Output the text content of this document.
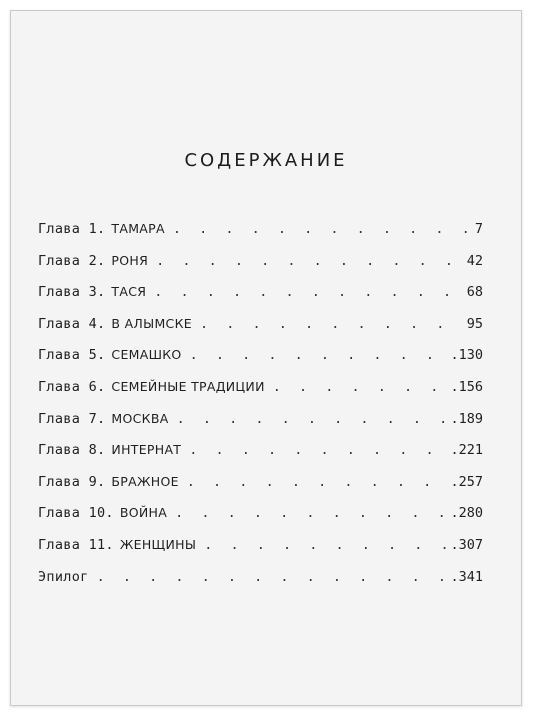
СОДЕРЖАНИЕ
Глава 1. ТАМАРА . . .	7
Глава 2. РОНЯ . . .	42
Глава 3. ТАСЯ . . .	68
Глава 4. В АЛЫМСКЕ . . .	95
Глава 5. СЕМАШКО . . .	.130
Глава 6. СЕМЕЙНЫЕ ТРАДИЦИИ . . .	.156
Глава 7. МОСКВА . . .	.189
Глава 8. ИНТЕРНАТ . . .	.221
Глава 9. БРАЖНОЕ . . .	.257
Глава 10. ВОЙНА . . .	.280
Глава 11. ЖЕНЩИНЫ . . .	.307
Эпилог . . .	.341
